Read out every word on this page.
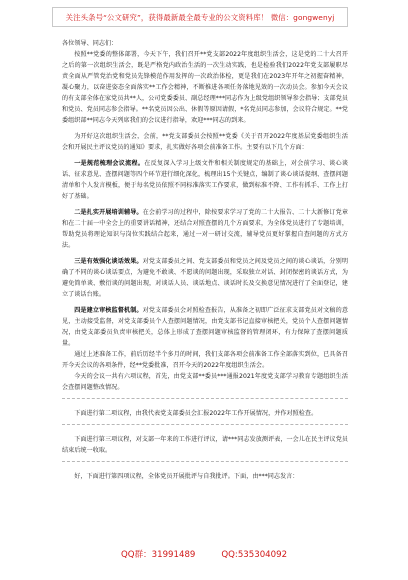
关注头条号“公文研究”，获得最新最全最专业的公文资料库！ 微信：gongwenyj

各位领导、同志们：

按照**党委的整体部署，今天下午，我们召开**党支部2022年度组织生活会，这是党的二十大召开之后的第一次组织生活会，既是严格党内政治生活的一次生动实践，也是检验我们2022年党支部履职尽责全面从严管党治党和党员先锋模范作用发挥的一次政治体检，更是我们在2023年开年之初握奋精神，凝心聚力，以奋进姿态全面落实**工作会精神，不断推进各项任务落地见效的一次动员会。参加今天会议的有支部全体在家党员共**人，公司党委委员、副总经理***同志作为上级党组织领导参会指导；支部党员和党员、党员同志参会指导。**名党员因公出、休假等原因请假，*名党员同志参加，会议符合规定。**党委组织部**同志今天列席我们的会议进行指导，欢迎***同志的到来。

为开好这次组织生活会，会前，**党支部委员会按照**党委《关于召开2022年度基层党委组织生活会和开展民主评议党员的通知》要求，扎实做好各项会前准备工作。主要有以下几个方面：

一是规范梳理会议流程。在反复深入学习上级文件和相关制度规定的基础上，对会前学习、谈心谈话、征求意见、查摆问题等四个环节进行细化深化，梳理出15个关键点，编制了谈心谈话提纲、查摆问题清单和个人发言模板，便于每名党员依照不同标准落实工作要求，做到标准不降、工作有抓手、工作上打好了基础。

二是扎实开展培训辅导。在会前学习的过程中，除按要求学习了党的二十大报告、二十大新修订党章和在二十届一中全会上的重要讲话精神，还结合对照查摆的几个方面要求，为全体党员进行了专题培训，帮助党员将理论知识与岗位实践结合起来，通过一对一研讨交流，辅导党员更好掌握自查问题的方式方法。

三是有效强化谈话效果。对党支部委员之间、党支部委员和党员之间及党员之间的谈心谈话，分别明确了不同的谈心谈话要点，为避免不敢谈、不愿谈的问题出现，采取独立对话、封闭保密的谈话方式，为避免简单谈、敷衍谈的问题出现，对谈话人员、谈话地点、谈话时长及交换意见情况进行了全面登记，建立了谈话台账。

四是建立审核监督机制。对党支部委员会对照检查报告，从准备之初即广泛征求支部党员对文稿的意见，主动接受监督，对党支部委员个人查摆问题情况，由党支部书记直接审核把关，党员个人查摆问题情况，由党支部委员负责审核把关，总体上形成了查摆问题审核监督的管理闭环，有力保障了查摆问题质量。

通过上述准备工作，前后历经半个多月的时间，我们支部各项会前准备工作全部落实到位，已具备召开今天会议的各项条件，经**党委批准，召开今天的2022年度组织生活会。

今天的会议一共有六项议程，首先，由党支部**委员***通报2021年度党支部学习教育专题组织生活会查摆问题整改情况。

下面进行第二项议程，由我代表党支部委员会汇报2022年工作开展情况，并作对照检查。

下面进行第三项议程，对支部一年来的工作进行评议，请***同志发放测评表，一会儿在民主评议党员结束后统一收取。

好，下面进行第四项议程，全体党员开展批评与自我批评。下面，由***同志发言：

QQ群：31991489	QQ:535304092
